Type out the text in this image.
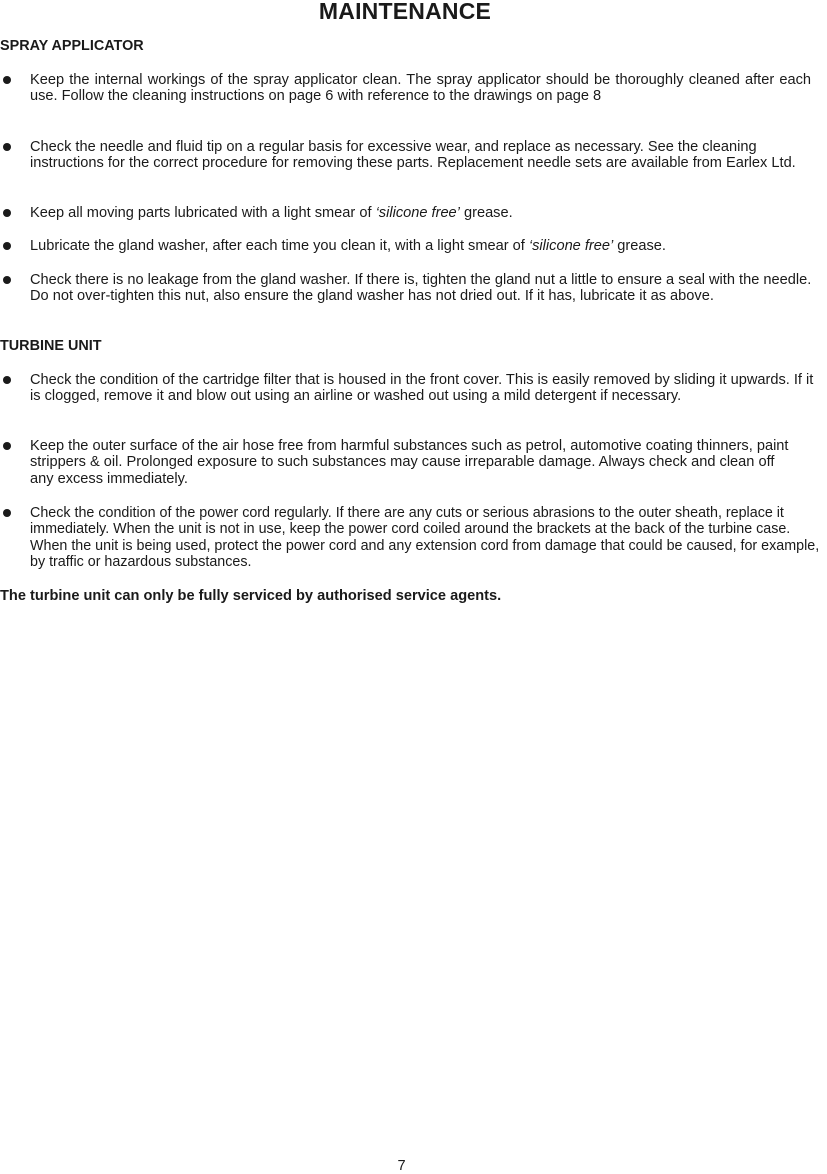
MAINTENANCE
SPRAY APPLICATOR
Keep the internal workings of the spray applicator clean. The spray applicator should be thoroughly cleaned after each use. Follow the cleaning instructions on page 6 with reference to the drawings on page 8
Check the needle and fluid tip on a regular basis for excessive wear, and replace as necessary. See the cleaning instructions for the correct procedure for removing these parts. Replacement needle sets are available from Earlex Ltd.
Keep all moving parts lubricated with a light smear of ‘silicone free’ grease.
Lubricate the gland washer, after each time you clean it, with a light smear of ‘silicone free’ grease.
Check there is no leakage from the gland washer. If there is, tighten the gland nut a little to ensure a seal with the needle. Do not over-tighten this nut, also ensure the gland washer has not dried out. If it has, lubricate it as above.
TURBINE UNIT
Check the condition of the cartridge filter that is housed in the front cover. This is easily removed by sliding it upwards. If it is clogged, remove it and blow out using an airline or washed out using a mild detergent if necessary.
Keep the outer surface of the air hose free from harmful substances such as petrol, automotive coating thinners, paint strippers & oil. Prolonged exposure to such substances may cause irreparable damage. Always check and clean off any excess immediately.
Check the condition of the power cord regularly. If there are any cuts or serious abrasions to the outer sheath, replace it immediately. When the unit is not in use, keep the power cord coiled around the brackets at the back of the turbine case. When the unit is being used, protect the power cord and any extension cord from damage that could be caused, for example, by traffic or hazardous substances.
The turbine unit can only be fully serviced by authorised service agents.
7
